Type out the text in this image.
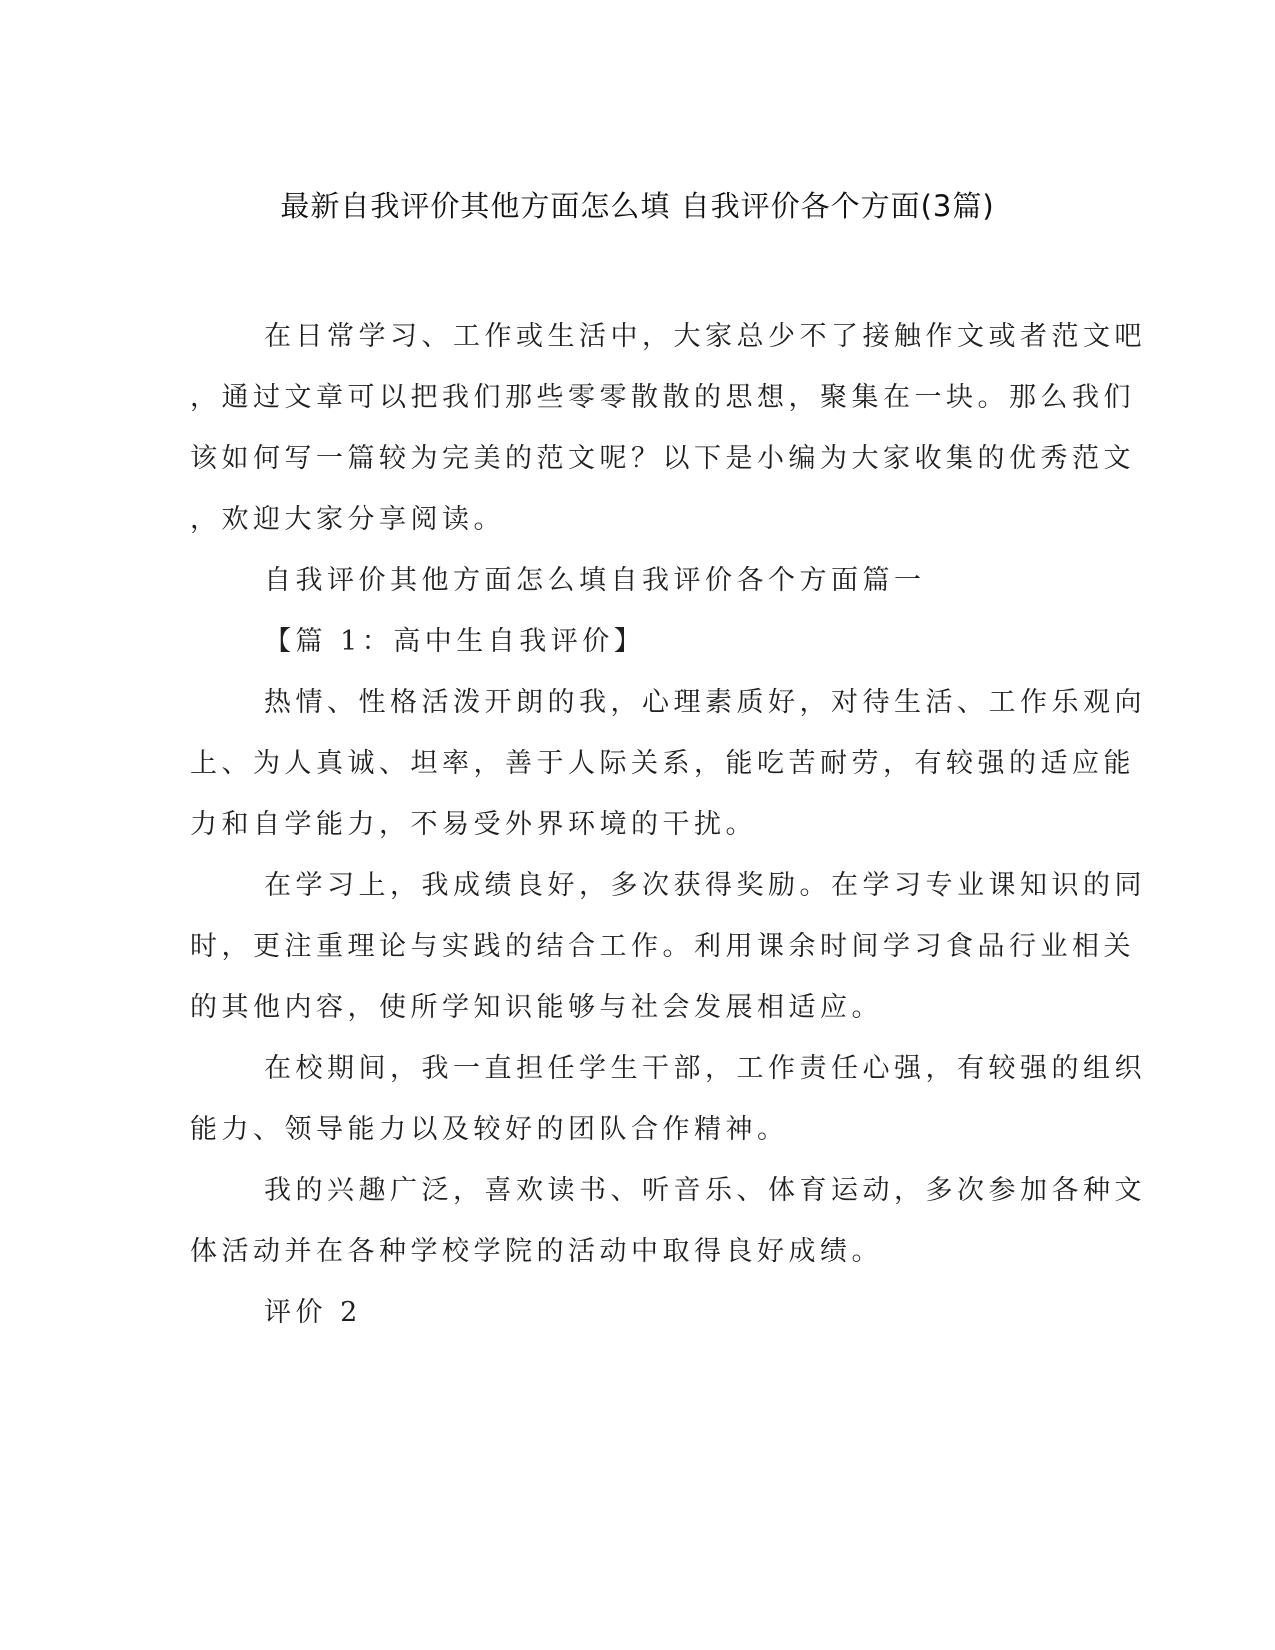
最新自我评价其他方面怎么填 自我评价各个方面(3篇)
在日常学习、工作或生活中，大家总少不了接触作文或者范文吧
，通过文章可以把我们那些零零散散的思想，聚集在一块。那么我们
该如何写一篇较为完美的范文呢？以下是小编为大家收集的优秀范文
，欢迎大家分享阅读。
自我评价其他方面怎么填自我评价各个方面篇一
【篇 1：高中生自我评价】
热情、性格活泼开朗的我，心理素质好，对待生活、工作乐观向
上、为人真诚、坦率，善于人际关系，能吃苦耐劳，有较强的适应能
力和自学能力，不易受外界环境的干扰。
在学习上，我成绩良好，多次获得奖励。在学习专业课知识的同
时，更注重理论与实践的结合工作。利用课余时间学习食品行业相关
的其他内容，使所学知识能够与社会发展相适应。
在校期间，我一直担任学生干部，工作责任心强，有较强的组织
能力、领导能力以及较好的团队合作精神。
我的兴趣广泛，喜欢读书、听音乐、体育运动，多次参加各种文
体活动并在各种学校学院的活动中取得良好成绩。
评价 2
